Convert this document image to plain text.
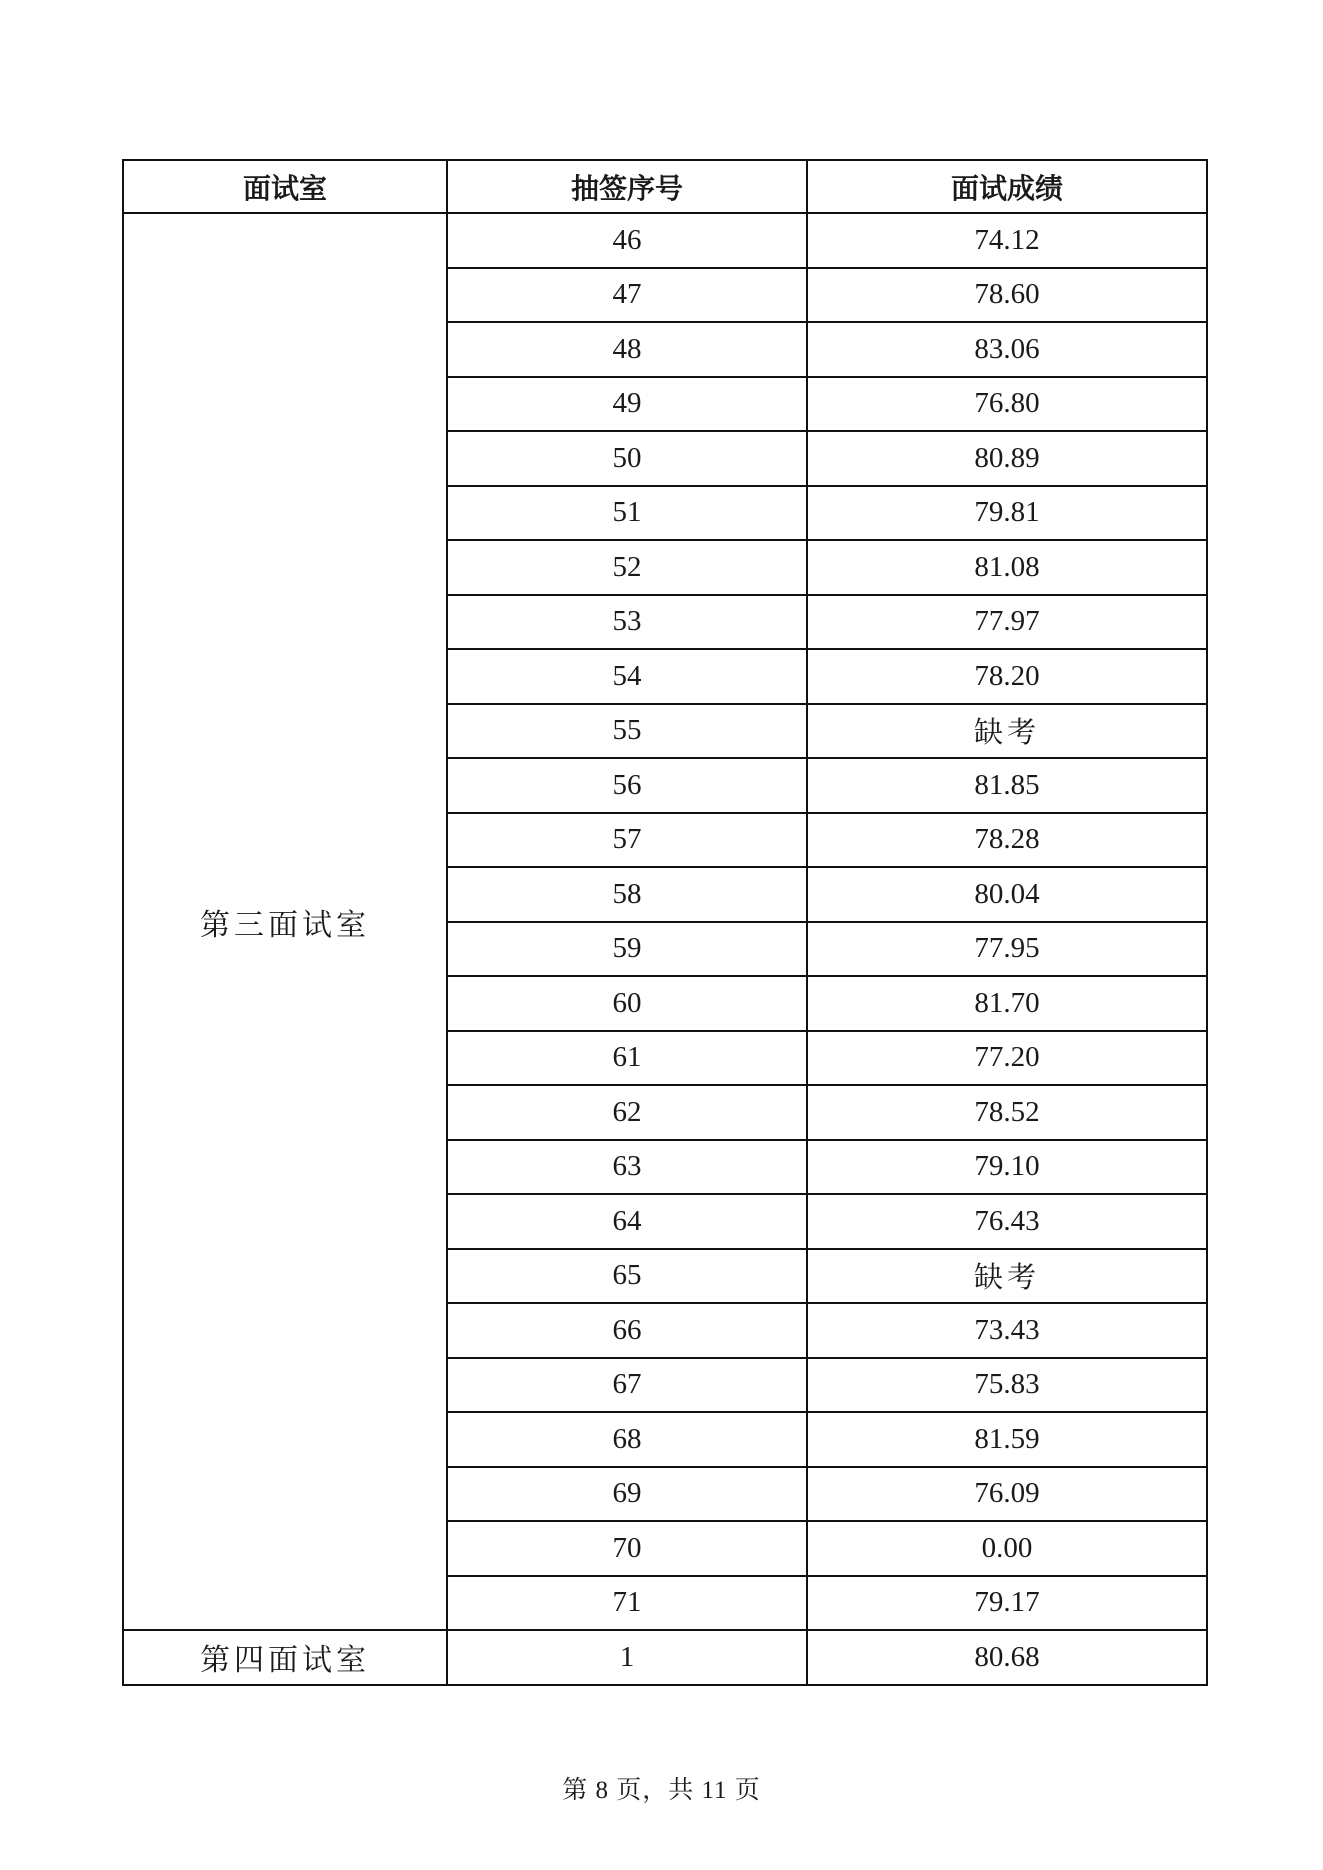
面试室	抽签序号	面试成绩
第三面试室	46	74.12
	47	78.60
	48	83.06
	49	76.80
	50	80.89
	51	79.81
	52	81.08
	53	77.97
	54	78.20
	55	缺考
	56	81.85
	57	78.28
	58	80.04
	59	77.95
	60	81.70
	61	77.20
	62	78.52
	63	79.10
	64	76.43
	65	缺考
	66	73.43
	67	75.83
	68	81.59
	69	76.09
	70	0.00
	71	79.17
第四面试室	1	80.68
第 8 页，共 11 页
